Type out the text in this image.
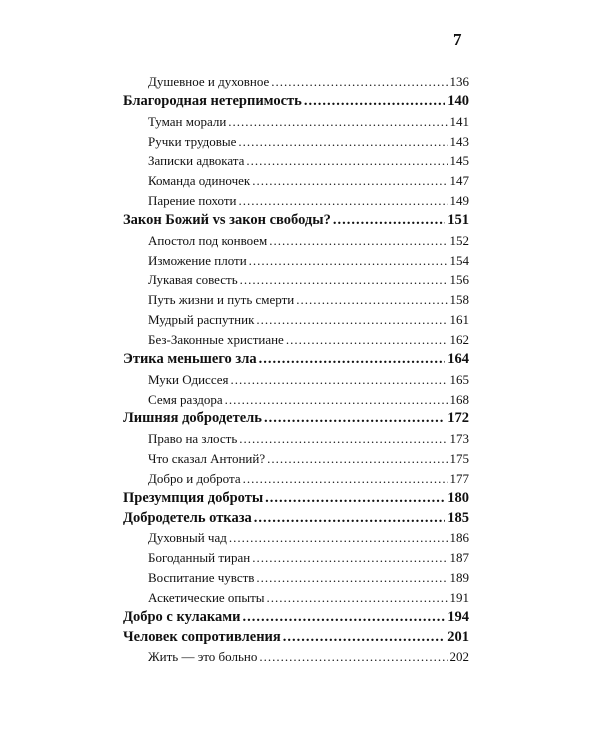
7
Душевное и духовное .....	136
Благородная нетерпимость .....	140
Туман морали .....	141
Ручки трудовые .....	143
Записки адвоката .....	145
Команда одиночек .....	147
Парение похоти .....	149
Закон Божий vs закон свободы? .....	151
Апостол под конвоем .....	152
Изможение плоти .....	154
Лукавая совесть .....	156
Путь жизни и путь смерти .....	158
Мудрый распутник .....	161
Без-Законные христиане .....	162
Этика меньшего зла .....	164
Муки Одиссея .....	165
Семя раздора .....	168
Лишняя добродетель .....	172
Право на злость .....	173
Что сказал Антоний? .....	175
Добро и доброта .....	177
Презумпция доброты .....	180
Добродетель отказа .....	185
Духовный чад .....	186
Богоданный тиран .....	187
Воспитание чувств .....	189
Аскетические опыты .....	191
Добро с кулаками .....	194
Человек сопротивления .....	201
Жить — это больно .....	202
